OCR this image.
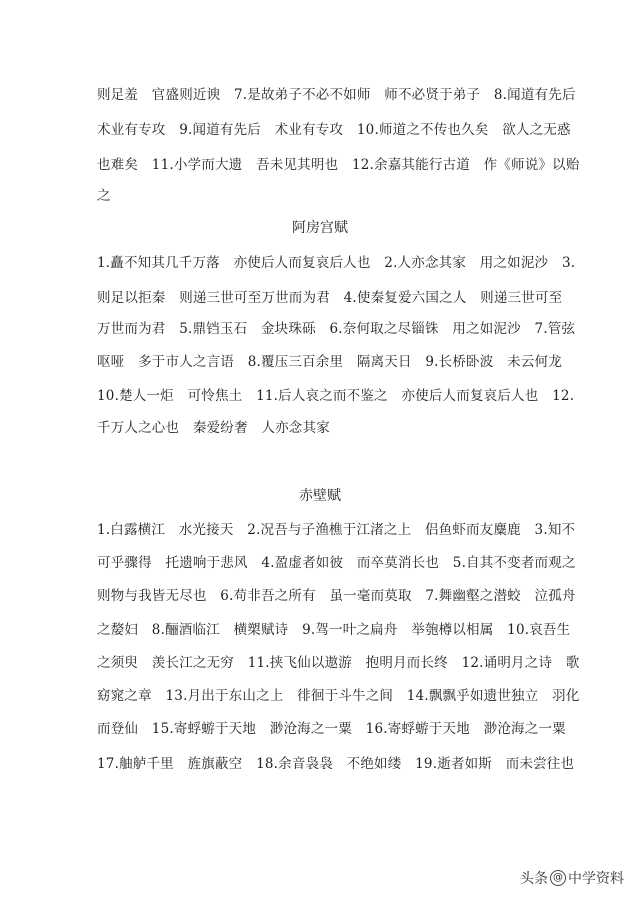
则足羞　官盛则近谀　7.是故弟子不必不如师　师不必贤于弟子　8.闻道有先后
术业有专攻　9.闻道有先后　术业有专攻　10.师道之不传也久矣　欲人之无惑
也难矣　11.小学而大遗　吾未见其明也　12.余嘉其能行古道　作《师说》以贻
之
阿房宫赋
1.矗不知其几千万落　亦使后人而复哀后人也　2.人亦念其家　用之如泥沙　3.
则足以拒秦　则递三世可至万世而为君　4.使秦复爱六国之人　则递三世可至
万世而为君　5.鼎铛玉石　金块珠砾　6.奈何取之尽锱铢　用之如泥沙　7.管弦
呕哑　多于市人之言语　8.覆压三百余里　隔离天日　9.长桥卧波　未云何龙
10.楚人一炬　可怜焦土　11.后人哀之而不鉴之　亦使后人而复哀后人也　12.
千万人之心也　秦爱纷奢　人亦念其家
赤壁赋
1.白露横江　水光接天　2.况吾与子渔樵于江渚之上　侣鱼虾而友麋鹿　3.知不
可乎骤得　托遗响于悲风　4.盈虚者如彼　而卒莫消长也　5.自其不变者而观之
则物与我皆无尽也　6.苟非吾之所有　虽一毫而莫取　7.舞幽壑之潜蛟　泣孤舟
之嫠妇　8.酾酒临江　横槊赋诗　9.驾一叶之扁舟　举匏樽以相属　10.哀吾生
之须臾　羡长江之无穷　11.挟飞仙以遨游　抱明月而长终　12.诵明月之诗　歌
窈窕之章　13.月出于东山之上　徘徊于斗牛之间　14.飘飘乎如遗世独立　羽化
而登仙　15.寄蜉蝣于天地　渺沧海之一粟　16.寄蜉蝣于天地　渺沧海之一粟
17.舳舻千里　旌旗蔽空　18.余音袅袅　不绝如缕　19.逝者如斯　而未尝往也
头条 @ 中学资料
